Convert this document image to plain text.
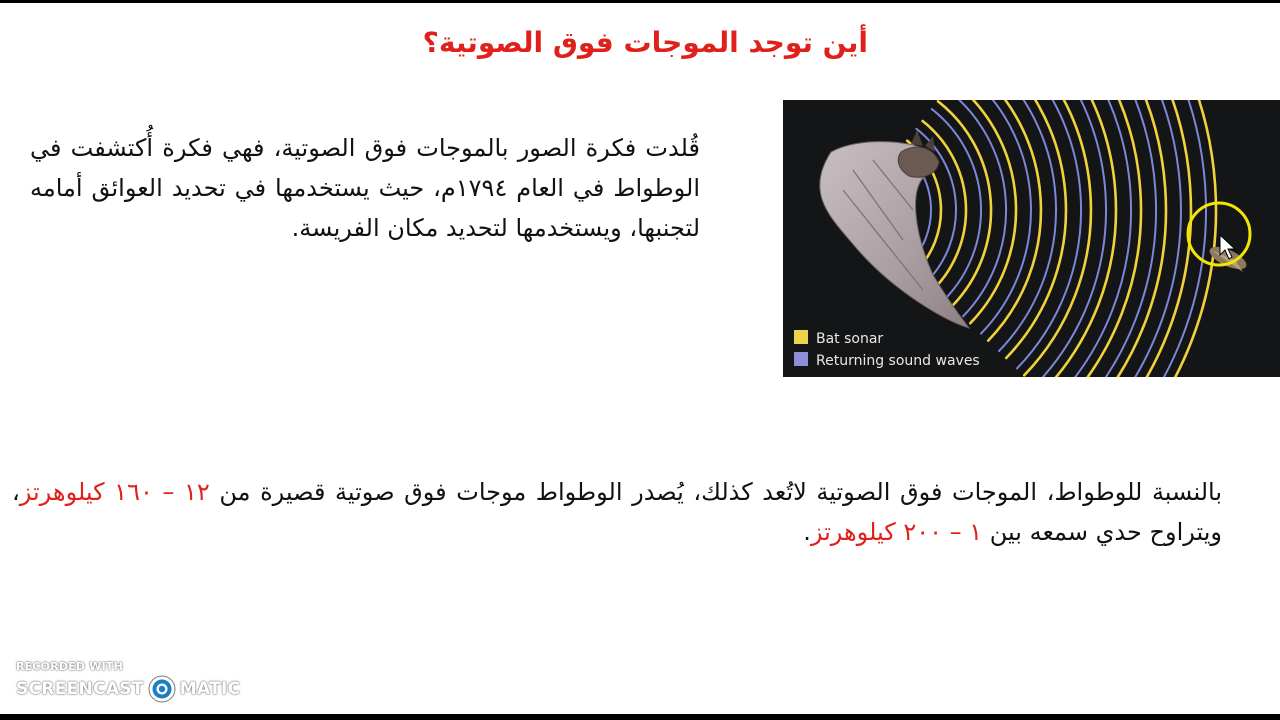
أين توجد الموجات فوق الصوتية؟

قُلدت فكرة الصور بالموجات فوق الصوتية، فهي فكرة أُكتشفت في الوطواط في العام ١٧٩٤م، حيث يستخدمها في تحديد العوائق أمامه لتجنبها، ويستخدمها لتحديد مكان الفريسة.

Bat sonar
Returning sound waves

بالنسبة للوطواط، الموجات فوق الصوتية لاتُعد كذلك، يُصدر الوطواط موجات فوق صوتية قصيرة من ١٢ – ١٦٠ كيلوهرتز، ويتراوح حدي سمعه بين ١ – ٢٠٠ كيلوهرتز.

RECORDED WITH
SCREENCAST MATIC
